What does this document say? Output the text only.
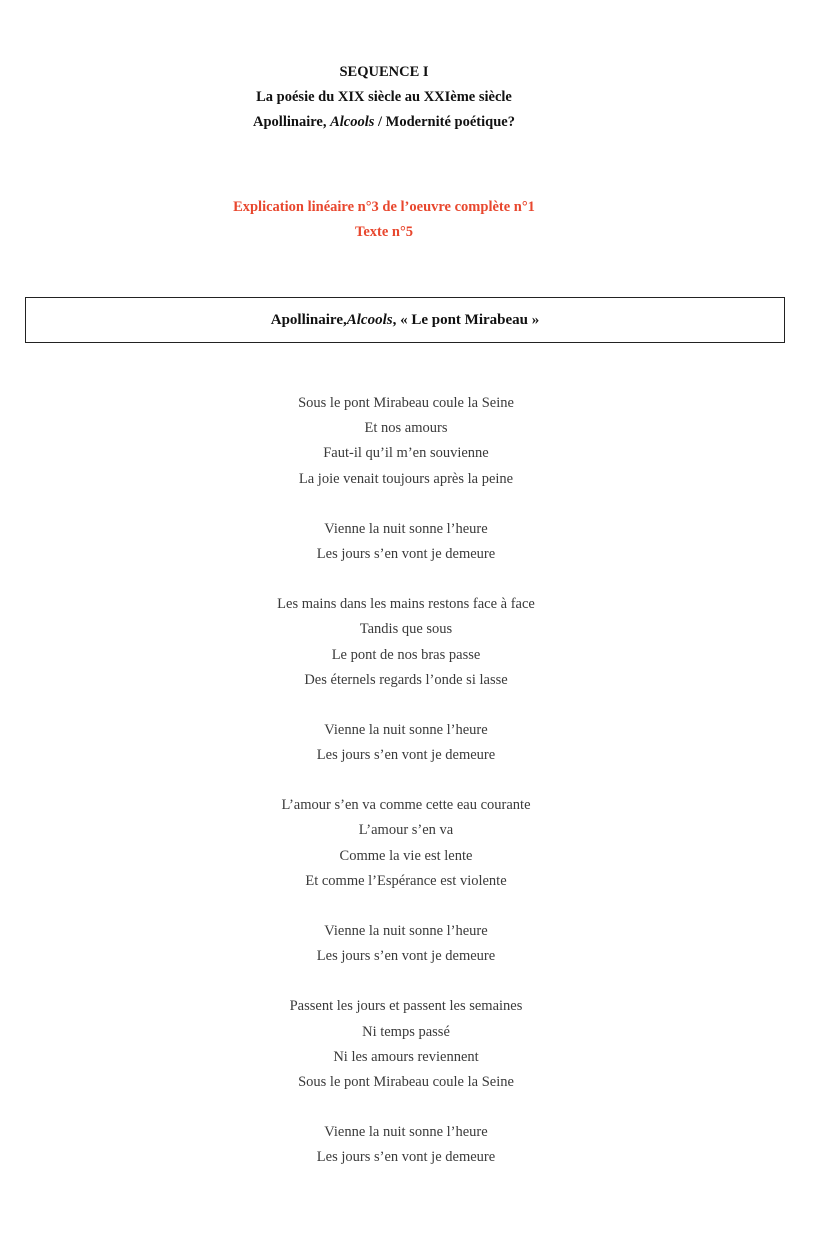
SEQUENCE I
La poésie du XIX siècle au XXIème siècle
Apollinaire, Alcools / Modernité poétique?
Explication linéaire n°3 de l’oeuvre complète n°1
Texte n°5
Apollinaire, Alcools , « Le pont Mirabeau »
Sous le pont Mirabeau coule la Seine
Et nos amours
Faut-il qu’il m’en souvienne
La joie venait toujours après la peine
Vienne la nuit sonne l’heure
Les jours s’en vont je demeure
Les mains dans les mains restons face à face
Tandis que sous
Le pont de nos bras passe
Des éternels regards l’onde si lasse
Vienne la nuit sonne l’heure
Les jours s’en vont je demeure
L’amour s’en va comme cette eau courante
L’amour s’en va
Comme la vie est lente
Et comme l’Espérance est violente
Vienne la nuit sonne l’heure
Les jours s’en vont je demeure
Passent les jours et passent les semaines
Ni temps passé
Ni les amours reviennent
Sous le pont Mirabeau coule la Seine
Vienne la nuit sonne l’heure
Les jours s’en vont je demeure
